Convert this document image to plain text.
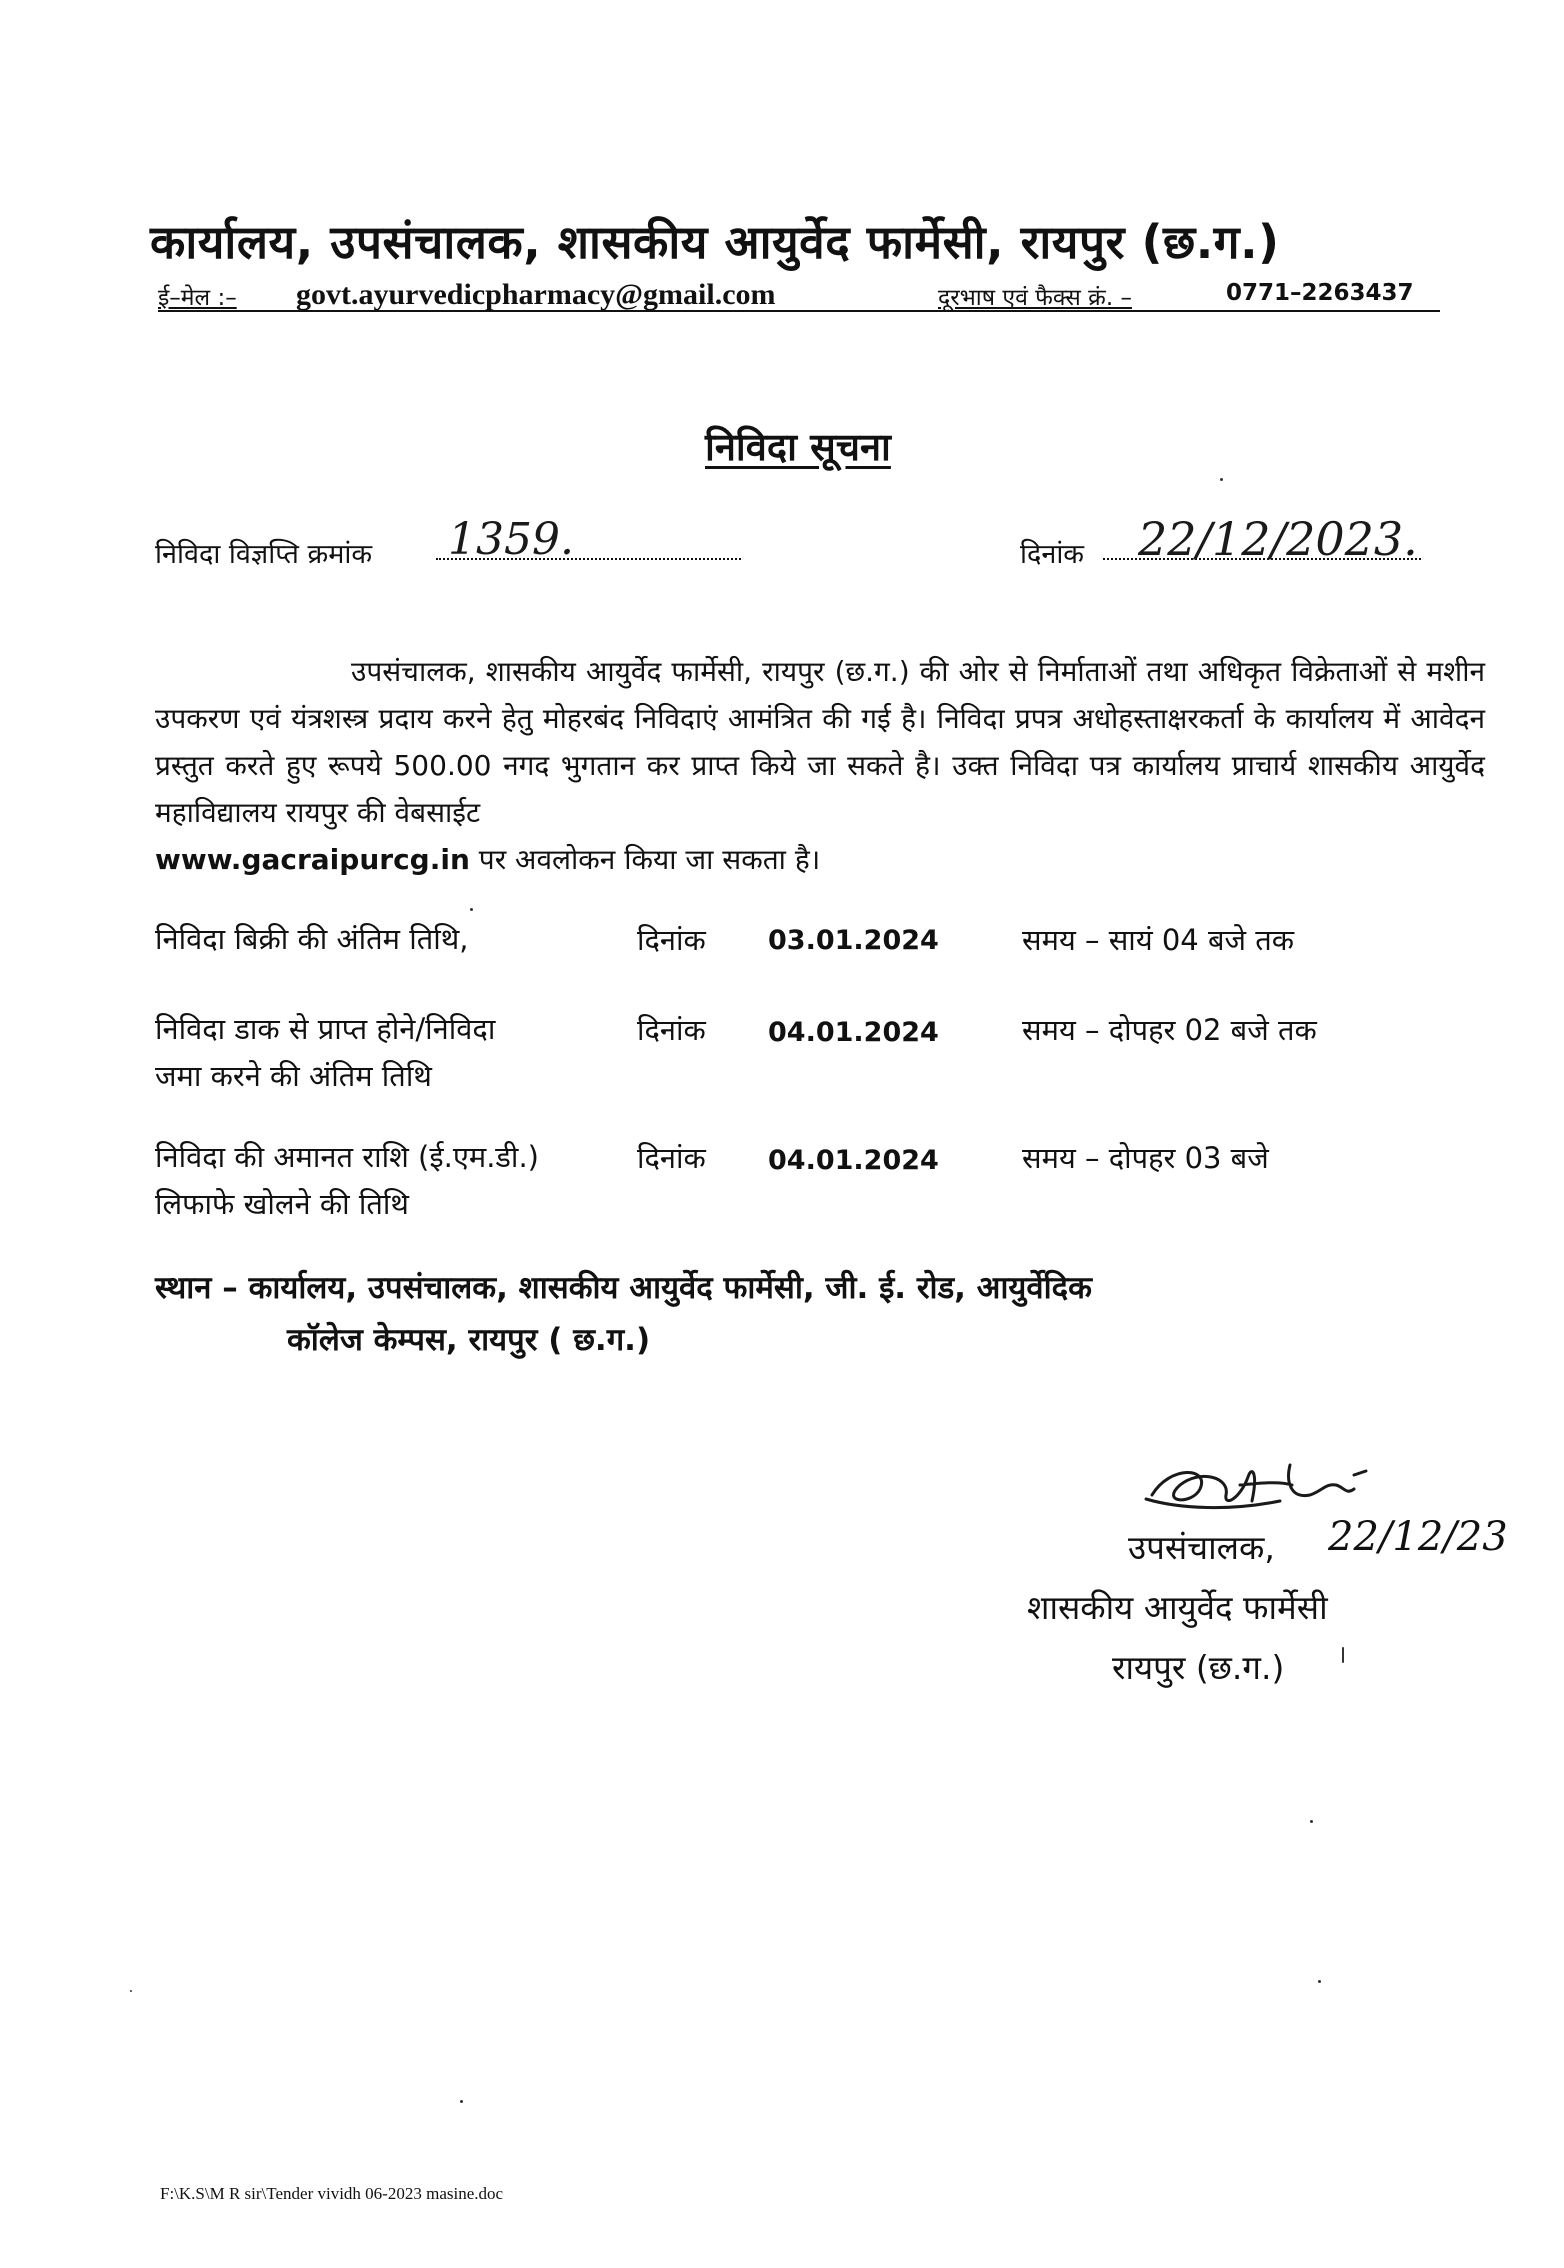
कार्यालय, उपसंचालक, शासकीय आयुर्वेद फार्मेसी, रायपुर (छ.ग.)
ई–मेल :– govt.ayurvedicpharmacy@gmail.com	दूरभाष एवं फैक्स क्रं. –	0771–2263437
निविदा सूचना
निविदा विज्ञप्ति क्रमांक 1359.	दिनांक 22/12/2023.
उपसंचालक, शासकीय आयुर्वेद फार्मेसी, रायपुर (छ.ग.) की ओर से निर्माताओं तथा अधिकृत विक्रेताओं से मशीन उपकरण एवं यंत्रशस्त्र प्रदाय करने हेतु मोहरबंद निविदाएं आमंत्रित की गई है। निविदा प्रपत्र अधोहस्ताक्षरकर्ता के कार्यालय में आवेदन प्रस्तुत करते हुए रूपये 500.00 नगद भुगतान कर प्राप्त किये जा सकते है। उक्त निविदा पत्र कार्यालय प्राचार्य शासकीय आयुर्वेद महाविद्यालय रायपुर की वेबसाईट
www.gacraipurcg.in पर अवलोकन किया जा सकता है।
निविदा बिक्री की अंतिम तिथि,	दिनांक 03.01.2024	समय – सायं 04 बजे तक
निविदा डाक से प्राप्त होने/निविदा
जमा करने की अंतिम तिथि
दिनांक 04.01.2024	समय – दोपहर 02 बजे तक
निविदा की अमानत राशि (ई.एम.डी.)
लिफाफे खोलने की तिथि
दिनांक 04.01.2024	समय – दोपहर 03 बजे
स्थान – कार्यालय, उपसंचालक, शासकीय आयुर्वेद फार्मेसी, जी. ई. रोड, आयुर्वेदिक
कॉलेज केम्पस, रायपुर ( छ.ग.)
उपसंचालक, 22/12/23
शासकीय आयुर्वेद फार्मेसी
रायपुर (छ.ग.)
F:\K.S\M R sir\Tender vividh 06-2023 masine.doc
